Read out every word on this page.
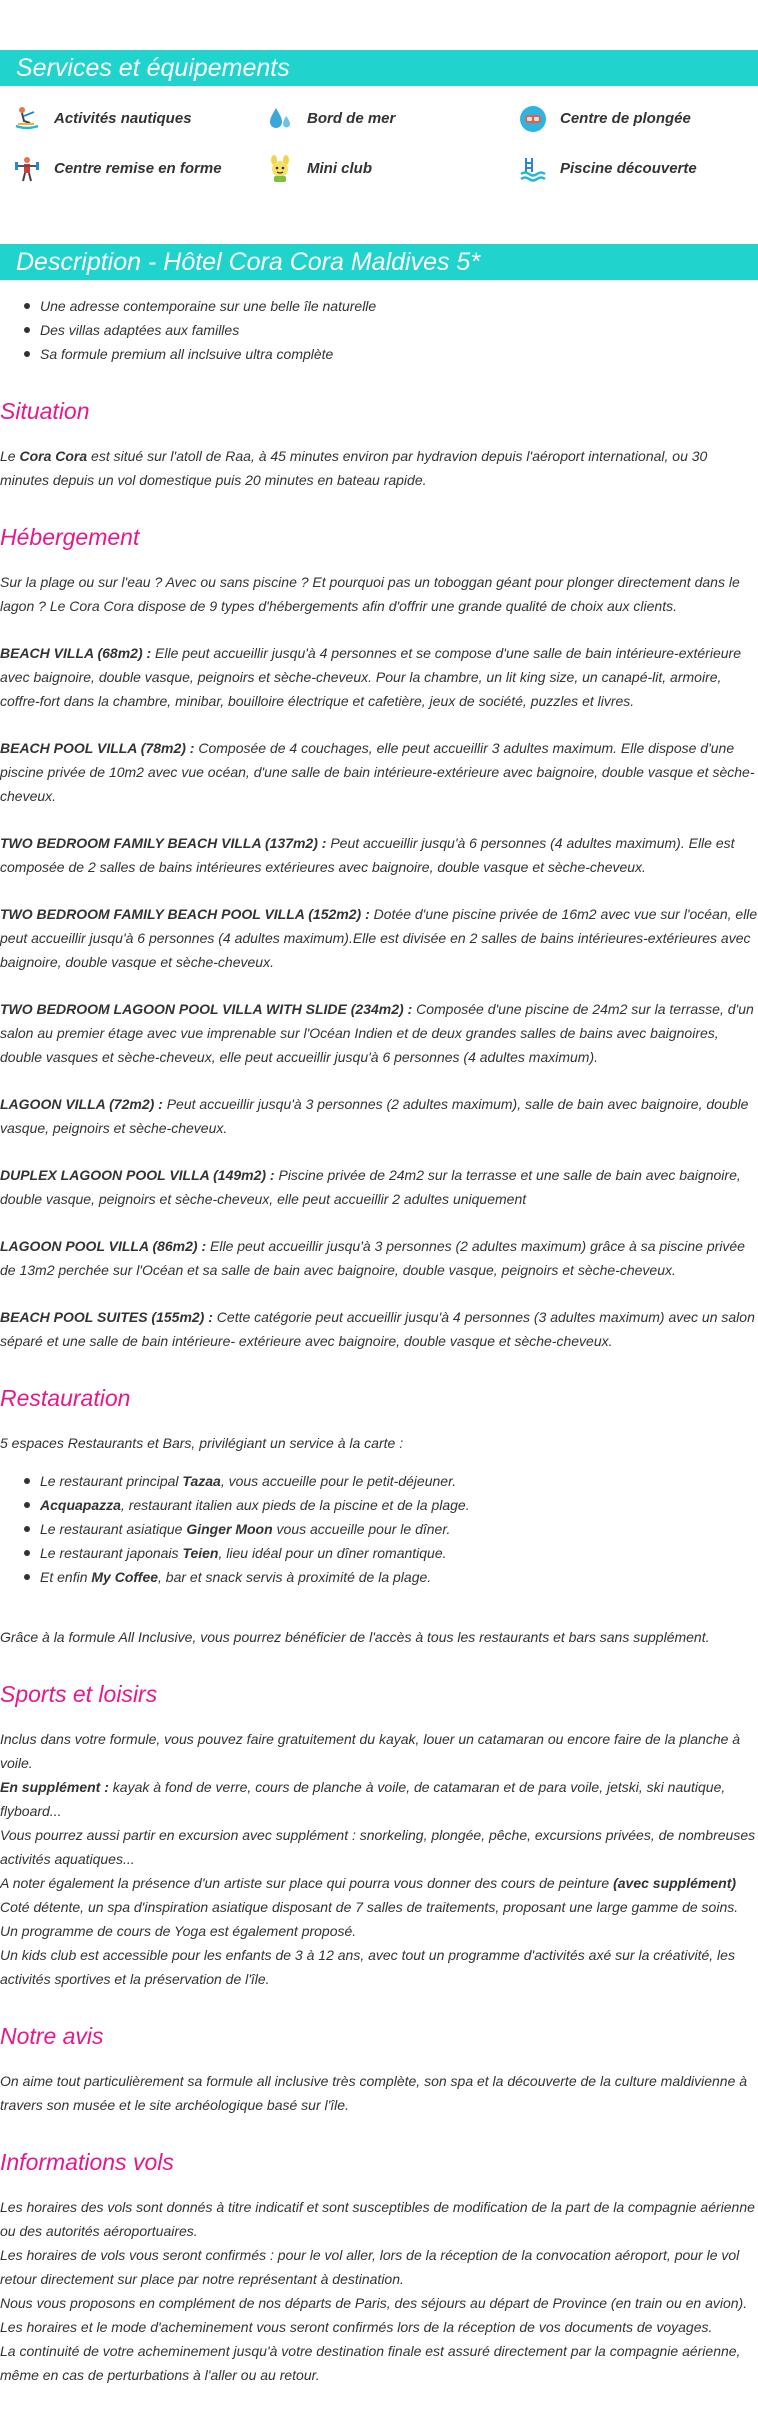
Services et équipements
Activités nautiques	Bord de mer	Centre de plongée
Centre remise en forme	Mini club	Piscine découverte
Description - Hôtel Cora Cora Maldives 5*
Une adresse contemporaine sur une belle île naturelle
Des villas adaptées aux familles
Sa formule premium all inclsuive ultra complète
Situation

Le Cora Cora est situé sur l'atoll de Raa, à 45 minutes environ par hydravion depuis l'aéroport international, ou 30 minutes depuis un vol domestique puis 20 minutes en bateau rapide.

Hébergement

Sur la plage ou sur l'eau ? Avec ou sans piscine ? Et pourquoi pas un toboggan géant pour plonger directement dans le lagon ? Le Cora Cora dispose de 9 types d'hébergements afin d'offrir une grande qualité de choix aux clients.

BEACH VILLA (68m2) : Elle peut accueillir jusqu'à 4 personnes et se compose d'une salle de bain intérieure-extérieure avec baignoire, double vasque, peignoirs et sèche-cheveux. Pour la chambre, un lit king size, un canapé-lit, armoire, coffre-fort dans la chambre, minibar, bouilloire électrique et cafetière, jeux de société, puzzles et livres.

BEACH POOL VILLA (78m2) : Composée de 4 couchages, elle peut accueillir 3 adultes maximum. Elle dispose d'une piscine privée de 10m2 avec vue océan, d'une salle de bain intérieure-extérieure avec baignoire, double vasque et sèche-cheveux.

TWO BEDROOM FAMILY BEACH VILLA (137m2) : Peut accueillir jusqu'à 6 personnes (4 adultes maximum). Elle est composée de 2 salles de bains intérieures extérieures avec baignoire, double vasque et sèche-cheveux.

TWO BEDROOM FAMILY BEACH POOL VILLA (152m2) : Dotée d'une piscine privée de 16m2 avec vue sur l'océan, elle peut accueillir jusqu'à 6 personnes (4 adultes maximum).Elle est divisée en 2 salles de bains intérieures-extérieures avec baignoire, double vasque et sèche-cheveux.

TWO BEDROOM LAGOON POOL VILLA WITH SLIDE (234m2) : Composée d'une piscine de 24m2 sur la terrasse, d'un salon au premier étage avec vue imprenable sur l'Océan Indien et de deux grandes salles de bains avec baignoires, double vasques et sèche-cheveux, elle peut accueillir jusqu'à 6 personnes (4 adultes maximum).

LAGOON VILLA (72m2) : Peut accueillir jusqu'à 3 personnes (2 adultes maximum), salle de bain avec baignoire, double vasque, peignoirs et sèche-cheveux.

DUPLEX LAGOON POOL VILLA (149m2) : Piscine privée de 24m2 sur la terrasse et une salle de bain avec baignoire, double vasque, peignoirs et sèche-cheveux, elle peut accueillir 2 adultes uniquement

LAGOON POOL VILLA (86m2) : Elle peut accueillir jusqu'à 3 personnes (2 adultes maximum) grâce à sa piscine privée de 13m2 perchée sur l'Océan et sa salle de bain avec baignoire, double vasque, peignoirs et sèche-cheveux.

BEACH POOL SUITES (155m2) : Cette catégorie peut accueillir jusqu'à 4 personnes (3 adultes maximum) avec un salon séparé et une salle de bain intérieure- extérieure avec baignoire, double vasque et sèche-cheveux.

Restauration

5 espaces Restaurants et Bars, privilégiant un service à la carte :

Le restaurant principal Tazaa, vous accueille pour le petit-déjeuner.
Acquapazza, restaurant italien aux pieds de la piscine et de la plage.
Le restaurant asiatique Ginger Moon vous accueille pour le dîner.
Le restaurant japonais Teien, lieu idéal pour un dîner romantique.
Et enfin My Coffee, bar et snack servis à proximité de la plage.

Grâce à la formule All Inclusive, vous pourrez bénéficier de l'accès à tous les restaurants et bars sans supplément.

Sports et loisirs

Inclus dans votre formule, vous pouvez faire gratuitement du kayak, louer un catamaran ou encore faire de la planche à voile.

En supplément : kayak à fond de verre, cours de planche à voile, de catamaran et de para voile, jetski, ski nautique, flyboard...

Vous pourrez aussi partir en excursion avec supplément : snorkeling, plongée, pêche, excursions privées, de nombreuses activités aquatiques...

A noter également la présence d'un artiste sur place qui pourra vous donner des cours de peinture (avec supplément)

Coté détente, un spa d'inspiration asiatique disposant de 7 salles de traitements, proposant une large gamme de soins.

Un programme de cours de Yoga est également proposé.

Un kids club est accessible pour les enfants de 3 à 12 ans, avec tout un programme d'activités axé sur la créativité, les activités sportives et la préservation de l'île.

Notre avis

On aime tout particulièrement sa formule all inclusive très complète, son spa et la découverte de la culture maldivienne à travers son musée et le site archéologique basé sur l'île.

Informations vols

Les horaires des vols sont donnés à titre indicatif et sont susceptibles de modification de la part de la compagnie aérienne ou des autorités aéroportuaires.

Les horaires de vols vous seront confirmés : pour le vol aller, lors de la réception de la convocation aéroport, pour le vol retour directement sur place par notre représentant à destination.

Nous vous proposons en complément de nos départs de Paris, des séjours au départ de Province (en train ou en avion).

Les horaires et le mode d'acheminement vous seront confirmés lors de la réception de vos documents de voyages.

La continuité de votre acheminement jusqu'à votre destination finale est assuré directement par la compagnie aérienne, même en cas de perturbations à l'aller ou au retour.
